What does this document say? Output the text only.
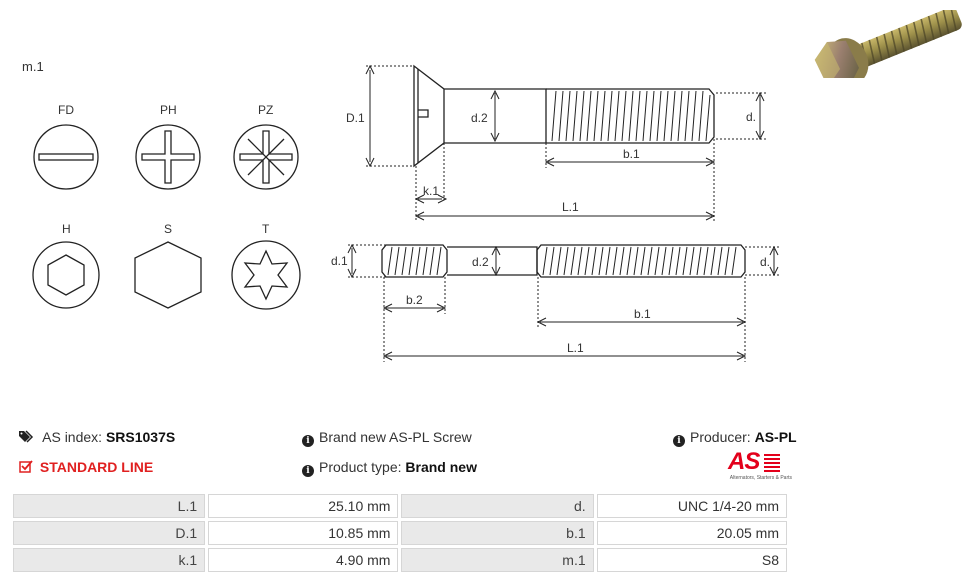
m.1
FD	PH	PZ
H	S	T
D.1	d.2	d.
b.1
k.1
L.1
d.1	d.2	d.
b.2
b.1
L.1
AS index: SRS1037S
STANDARD LINE
i Brand new AS-PL Screw
i Product type: Brand new
i Producer: AS-PL
AS
Alternators, Starters & Parts
L.1	25.10 mm	d.	UNC 1/4-20 mm
D.1	10.85 mm	b.1	20.05 mm
k.1	4.90 mm	m.1	S8
